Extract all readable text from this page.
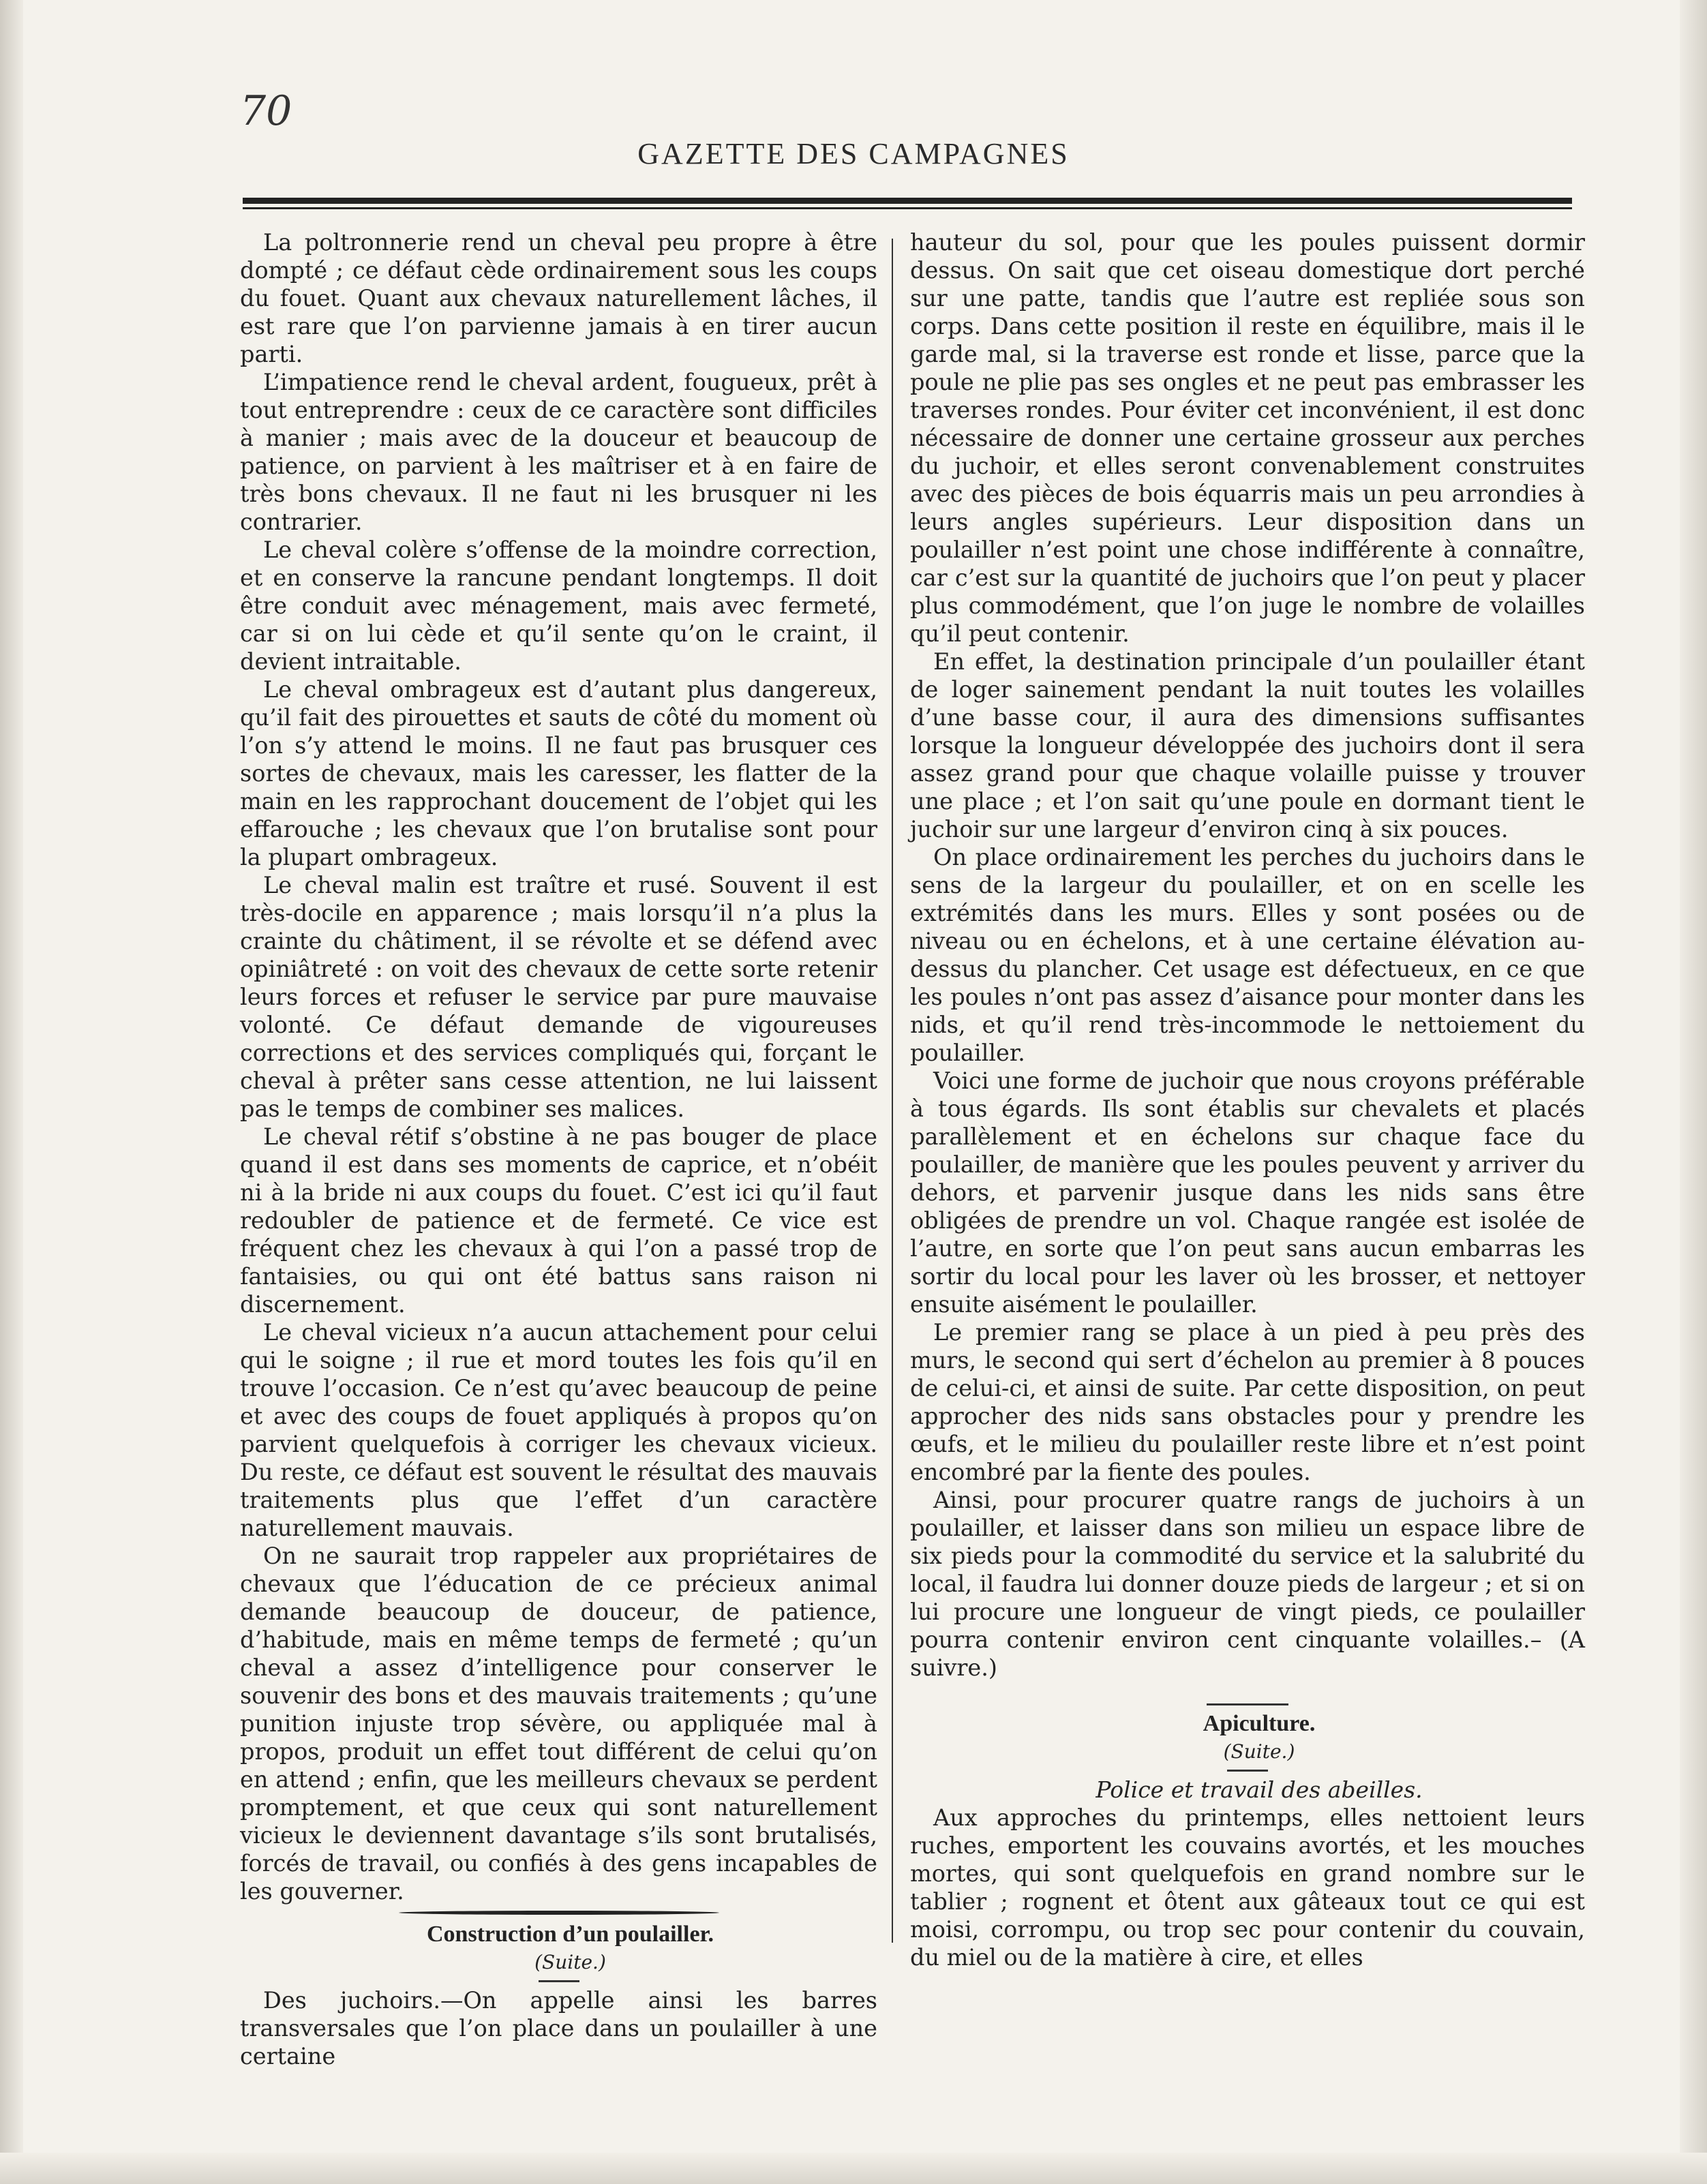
70
GAZETTE DES CAMPAGNES

La poltronnerie rend un cheval peu propre à être dompté ; ce défaut cède ordinairement sous les coups du fouet. Quant aux chevaux naturellement lâches, il est rare que l’on parvienne jamais à en tirer aucun parti.

L’impatience rend le cheval ardent, fougueux, prêt à tout entreprendre : ceux de ce caractère sont difficiles à manier ; mais avec de la douceur et beaucoup de patience, on parvient à les maîtriser et à en faire de très bons chevaux. Il ne faut ni les brusquer ni les contrarier.

Le cheval colère s’offense de la moindre correction, et en conserve la rancune pendant longtemps. Il doit être conduit avec ménagement, mais avec fermeté, car si on lui cède et qu’il sente qu’on le craint, il devient intraitable.

Le cheval ombrageux est d’autant plus dangereux, qu’il fait des pirouettes et sauts de côté du moment où l’on s’y attend le moins. Il ne faut pas brusquer ces sortes de chevaux, mais les caresser, les flatter de la main en les rapprochant doucement de l’objet qui les effarouche ; les chevaux que l’on brutalise sont pour la plupart ombrageux.

Le cheval malin est traître et rusé. Souvent il est très-docile en apparence ; mais lorsqu’il n’a plus la crainte du châtiment, il se révolte et se défend avec opiniâtreté : on voit des chevaux de cette sorte retenir leurs forces et refuser le service par pure mauvaise volonté. Ce défaut demande de vigoureuses corrections et des services compliqués qui, forçant le cheval à prêter sans cesse attention, ne lui laissent pas le temps de combiner ses malices.

Le cheval rétif s’obstine à ne pas bouger de place quand il est dans ses moments de caprice, et n’obéit ni à la bride ni aux coups du fouet. C’est ici qu’il faut redoubler de patience et de fermeté. Ce vice est fréquent chez les chevaux à qui l’on a passé trop de fantaisies, ou qui ont été battus sans raison ni discernement.

Le cheval vicieux n’a aucun attachement pour celui qui le soigne ; il rue et mord toutes les fois qu’il en trouve l’occasion. Ce n’est qu’avec beaucoup de peine et avec des coups de fouet appliqués à propos qu’on parvient quelquefois à corriger les chevaux vicieux. Du reste, ce défaut est souvent le résultat des mauvais traitements plus que l’effet d’un caractère naturellement mauvais.

On ne saurait trop rappeler aux propriétaires de chevaux que l’éducation de ce précieux animal demande beaucoup de douceur, de patience, d’habitude, mais en même temps de fermeté ; qu’un cheval a assez d’intelligence pour conserver le souvenir des bons et des mauvais traitements ; qu’une punition injuste trop sévère, ou appliquée mal à propos, produit un effet tout différent de celui qu’on en attend ; enfin, que les meilleurs chevaux se perdent promptement, et que ceux qui sont naturellement vicieux le deviennent davantage s’ils sont brutalisés, forcés de travail, ou confiés à des gens incapables de les gouverner.

Construction d’un poulailler.

(Suite.)

Des juchoirs.—On appelle ainsi les barres transversales que l’on place dans un poulailler à une certaine

hauteur du sol, pour que les poules puissent dormir dessus. On sait que cet oiseau domestique dort perché sur une patte, tandis que l’autre est repliée sous son corps. Dans cette position il reste en équilibre, mais il le garde mal, si la traverse est ronde et lisse, parce que la poule ne plie pas ses ongles et ne peut pas embrasser les traverses rondes. Pour éviter cet inconvénient, il est donc nécessaire de donner une certaine grosseur aux perches du juchoir, et elles seront convenablement construites avec des pièces de bois équarris mais un peu arrondies à leurs angles supérieurs. Leur disposition dans un poulailler n’est point une chose indifférente à connaître, car c’est sur la quantité de juchoirs que l’on peut y placer plus commodément, que l’on juge le nombre de volailles qu’il peut contenir.

En effet, la destination principale d’un poulailler étant de loger sainement pendant la nuit toutes les volailles d’une basse cour, il aura des dimensions suffisantes lorsque la longueur développée des juchoirs dont il sera assez grand pour que chaque volaille puisse y trouver une place ; et l’on sait qu’une poule en dormant tient le juchoir sur une largeur d’environ cinq à six pouces.

On place ordinairement les perches du juchoirs dans le sens de la largeur du poulailler, et on en scelle les extrémités dans les murs. Elles y sont posées ou de niveau ou en échelons, et à une certaine élévation au-dessus du plancher. Cet usage est défectueux, en ce que les poules n’ont pas assez d’aisance pour monter dans les nids, et qu’il rend très-incommode le nettoiement du poulailler.

Voici une forme de juchoir que nous croyons préférable à tous égards. Ils sont établis sur chevalets et placés parallèlement et en échelons sur chaque face du poulailler, de manière que les poules peuvent y arriver du dehors, et parvenir jusque dans les nids sans être obligées de prendre un vol. Chaque rangée est isolée de l’autre, en sorte que l’on peut sans aucun embarras les sortir du local pour les laver où les brosser, et nettoyer ensuite aisément le poulailler.

Le premier rang se place à un pied à peu près des murs, le second qui sert d’échelon au premier à 8 pouces de celui-ci, et ainsi de suite. Par cette disposition, on peut approcher des nids sans obstacles pour y prendre les œufs, et le milieu du poulailler reste libre et n’est point encombré par la fiente des poules.

Ainsi, pour procurer quatre rangs de juchoirs à un poulailler, et laisser dans son milieu un espace libre de six pieds pour la commodité du service et la salubrité du local, il faudra lui donner douze pieds de largeur ; et si on lui procure une longueur de vingt pieds, ce poulailler pourra contenir environ cent cinquante volailles.– (A suivre.)

Apiculture.

(Suite.)

Police et travail des abeilles.

Aux approches du printemps, elles nettoient leurs ruches, emportent les couvains avortés, et les mouches mortes, qui sont quelquefois en grand nombre sur le tablier ; rognent et ôtent aux gâteaux tout ce qui est moisi, corrompu, ou trop sec pour contenir du couvain, du miel ou de la matière à cire, et elles
